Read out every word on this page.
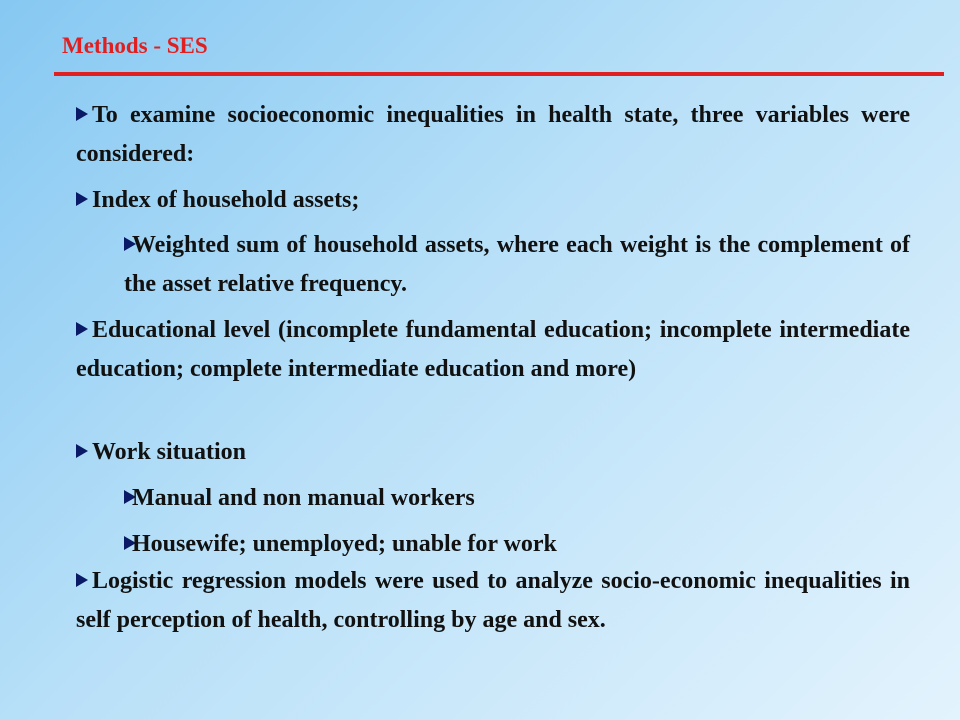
Methods - SES
To examine socioeconomic inequalities in health state, three variables were considered:
Index of household assets;
Weighted sum of household assets, where each weight is the complement of the asset relative frequency.
Educational level (incomplete fundamental education; incomplete intermediate education; complete intermediate education and more)
Work situation
Manual and non manual workers
Housewife; unemployed; unable for work
Logistic regression models were used to analyze socio-economic inequalities in self perception of health, controlling by age and sex.
